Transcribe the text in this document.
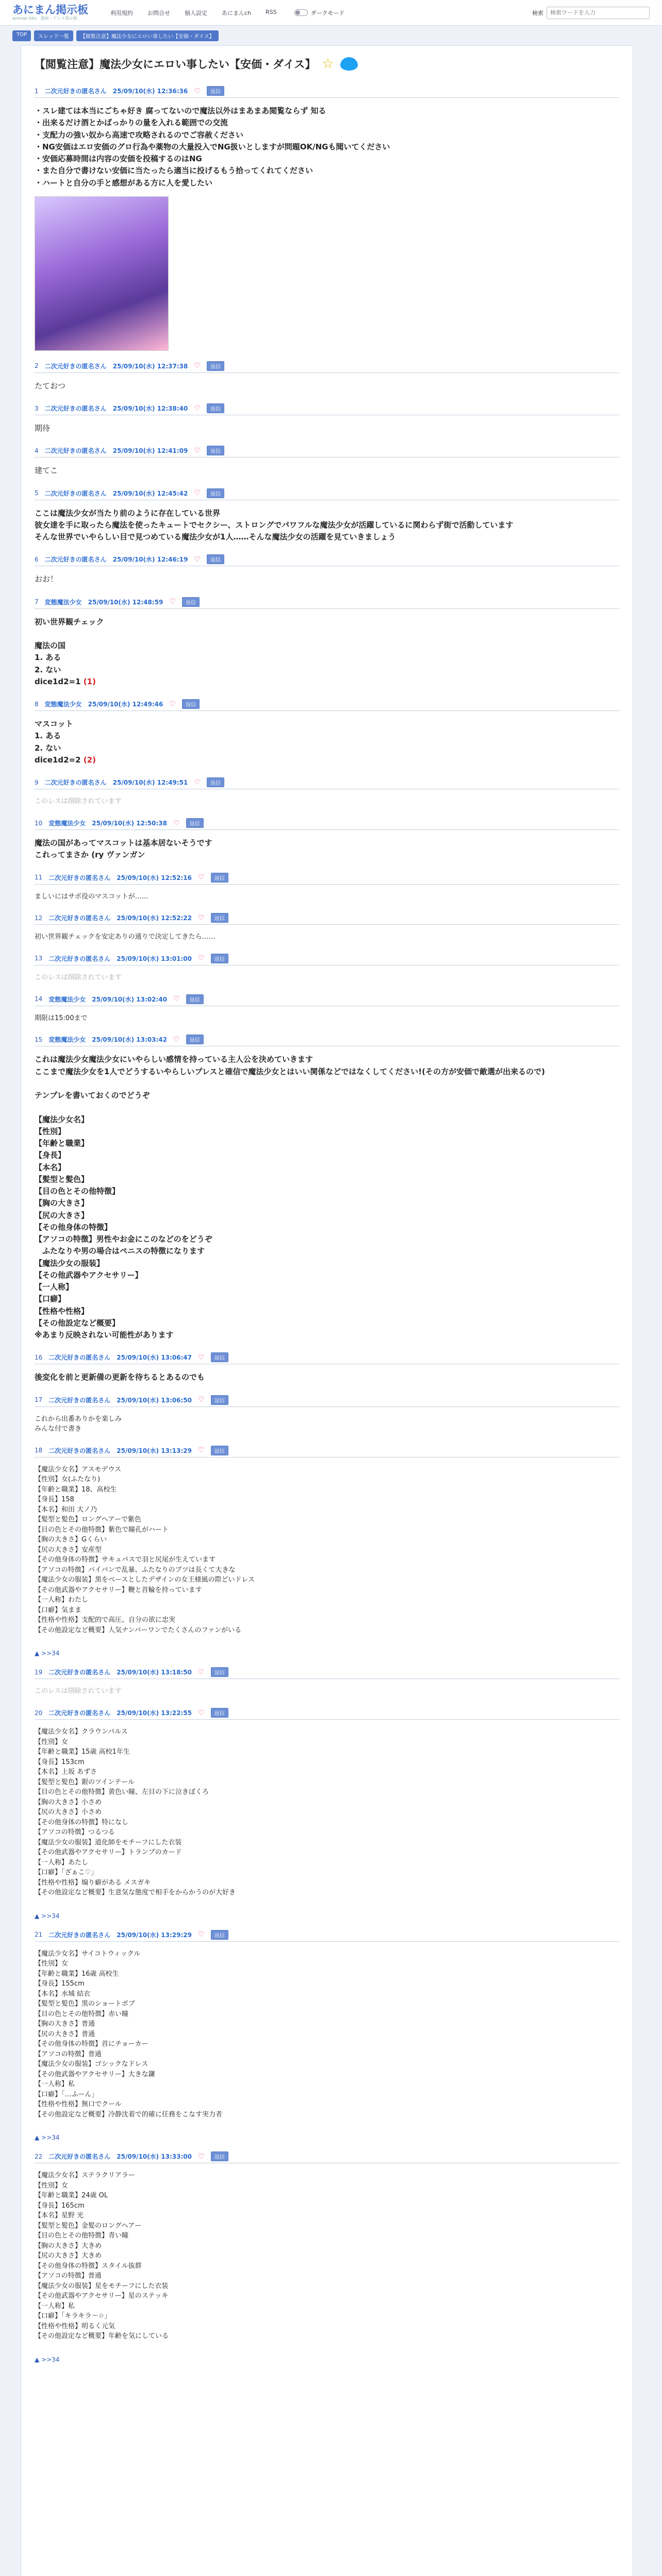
あにまん掲示板
animan bbs · 漫画・アニメ掲示板
利用規約	お問合せ	個人設定	あにまんch	RSS	ダークモード	検索
検索ワードを入力
TOP	スレッド一覧	【閲覧注意】魔法少女にエロい事したい【安価・ダイス】
【閲覧注意】魔法少女にエロい事したい【安価・ダイス】 ☆
1 二次元好きの匿名さん 25/09/10(水) 12:36:36 ♡	返信
・スレ建ては本当にごちゃ好き 腐ってないので魔法以外はまあまあ閲覧ならず 知る
・出来るだけ酒とかばっかりの量を入れる範囲での交流
・支配力の強い奴から高速で攻略されるのでご容赦ください
・NG安価はエロ安価のグロ行為や薬物の大量投入でNG扱いとしますが問題OK/NGも聞いてください
・安価応募時間は内容の安価を投稿するのはNG
・また自分で書けない安価に当たったら適当に投げるもう拾ってくれてください
・ハートと自分の手と感想がある方に人を愛したい
2 二次元好きの匿名さん 25/09/10(水) 12:37:38 ♡	返信
たておつ
3 二次元好きの匿名さん 25/09/10(水) 12:38:40 ♡	返信
期待
4 二次元好きの匿名さん 25/09/10(水) 12:41:09 ♡	返信
建てこ
5 二次元好きの匿名さん 25/09/10(水) 12:45:42 ♡	返信
ここは魔法少女が当たり前のように存在している世界
彼女達を手に取ったら魔法を使ったキュートでセクシー、ストロングでパワフルな魔法少女が活躍しているに関わらず街で活動しています
そんな世界でいやらしい目で見つめている魔法少女が1人……そんな魔法少女の活躍を見ていきましょう
6 二次元好きの匿名さん 25/09/10(水) 12:46:19 ♡	返信
おお！
7 変態魔法少女 25/09/10(水) 12:48:59 ♡	返信
初い世界観チェック

魔法の国
1. ある
2. ない
dice1d2=1 (1)
8 変態魔法少女 25/09/10(水) 12:49:46 ♡	返信
マスコット
1. ある
2. ない
dice1d2=2 (2)
9 二次元好きの匿名さん 25/09/10(水) 12:49:51 ♡	返信
このレスは削除されています
10 変態魔法少女 25/09/10(水) 12:50:38 ♡	返信
魔法の国があってマスコットは基本居ないそうです
これってまさか (ry ヴァンガン
11 二次元好きの匿名さん 25/09/10(水) 12:52:16 ♡	返信
ましいにはサポ役のマスコットが……
12 二次元好きの匿名さん 25/09/10(水) 12:52:22 ♡	返信
初い世界観チェックを安定ありの通りで決定してきたら……
13 二次元好きの匿名さん 25/09/10(水) 13:01:00 ♡	返信
このレスは削除されています
14 変態魔法少女 25/09/10(水) 13:02:40 ♡	返信
期限は15:00まで
15 変態魔法少女 25/09/10(水) 13:03:42 ♡	返信
これは魔法少女魔法少女にいやらしい感情を持っている主人公を決めていきます
ここまで魔法少女を1人でどうするいやらしいプレスと確信で魔法少女とはいい関係などではなくしてください!(その方が安価で敵選が出来るので)

テンプレを書いておくのでどうぞ

【魔法少女名】
【性別】
【年齢と職業】
【身長】
【本名】
【髪型と髪色】
【目の色とその他特徴】
【胸の大きさ】
【尻の大きさ】
【その他身体の特徴】
【アソコの特徴】男性やお金にこのなどのをどうぞ
　ふたなりや男の場合はペニスの特徴になります
【魔法少女の服装】
【その他武器やアクセサリー】
【一人称】
【口癖】
【性格や性格】
【その他設定など概要】
※あまり反映されない可能性があります
16 二次元好きの匿名さん 25/09/10(水) 13:06:47 ♡	返信
後変化を前と更新備の更新を待ちるとあるのでも
17 二次元好きの匿名さん 25/09/10(水) 13:06:50 ♡	返信
これから出番ありかを楽しみ
みんな付で書き
18 二次元好きの匿名さん 25/09/10(水) 13:13:29 ♡	返信
【魔法少女名】アスモデウス
【性別】女(ふたなり)
【年齢と職業】18、高校生
【身長】158
【本名】和田 大ノ乃
【髪型と髪色】ロングヘアーで紫色
【目の色とその他特徴】紫色で瞳孔がハート
【胸の大きさ】Gくらい
【尻の大きさ】安産型
【その他身体の特徴】サキュバスで羽と尻尾が生えています
【アソコの特徴】パイパンで乱暴、ふたなりのブツは長くて大きな
【魔法少女の服装】黒をベースとしたデザインの女王様風の際どいドレス
【その他武器やアクセサリー】鞭と首輪を持っています
【一人称】わたし
【口癖】気まま
【性格や性格】支配的で高圧、自分の欲に忠実
【その他設定など概要】人気ナンバーワンでたくさんのファンがいる
▲ >>34
19 二次元好きの匿名さん 25/09/10(水) 13:18:50 ♡	返信
このレスは削除されています
20 二次元好きの匿名さん 25/09/10(水) 13:22:55 ♡	返信
【魔法少女名】クラウンパルス
【性別】女
【年齢と職業】15歳 高校1年生
【身長】153cm
【本名】上坂 あずさ
【髪型と髪色】銀のツインテール
【目の色とその他特徴】黄色い瞳、左目の下に泣きぼくろ
【胸の大きさ】小さめ
【尻の大きさ】小さめ
【その他身体の特徴】特になし
【アソコの特徴】つるつる
【魔法少女の服装】道化師をモチーフにした衣装
【その他武器やアクセサリー】トランプのカード
【一人称】あたし
【口癖】「ざぁこ♡」
【性格や性格】煽り癖がある メスガキ
【その他設定など概要】生意気な態度で相手をからかうのが大好き
▲ >>34
21 二次元好きの匿名さん 25/09/10(水) 13:29:29 ♡	返信
【魔法少女名】サイコトウィックル
【性別】女
【年齢と職業】16歳 高校生
【身長】155cm
【本名】水城 結衣
【髪型と髪色】黒のショートボブ
【目の色とその他特徴】赤い瞳
【胸の大きさ】普通
【尻の大きさ】普通
【その他身体の特徴】首にチョーカー
【アソコの特徴】普通
【魔法少女の服装】ゴシックなドレス
【その他武器やアクセサリー】大きな鎌
【一人称】私
【口癖】「…ふーん」
【性格や性格】無口でクール
【その他設定など概要】冷静沈着で的確に任務をこなす実力者
▲ >>34
22 二次元好きの匿名さん 25/09/10(水) 13:33:00 ♡	返信
【魔法少女名】ステラクリアラー
【性別】女
【年齢と職業】24歳 OL
【身長】165cm
【本名】星野 光
【髪型と髪色】金髪のロングヘアー
【目の色とその他特徴】青い瞳
【胸の大きさ】大きめ
【尻の大きさ】大きめ
【その他身体の特徴】スタイル抜群
【アソコの特徴】普通
【魔法少女の服装】星をモチーフにした衣装
【その他武器やアクセサリー】星のステッキ
【一人称】私
【口癖】「キラキラ〜☆」
【性格や性格】明るく元気
【その他設定など概要】年齢を気にしている
▲ >>34
